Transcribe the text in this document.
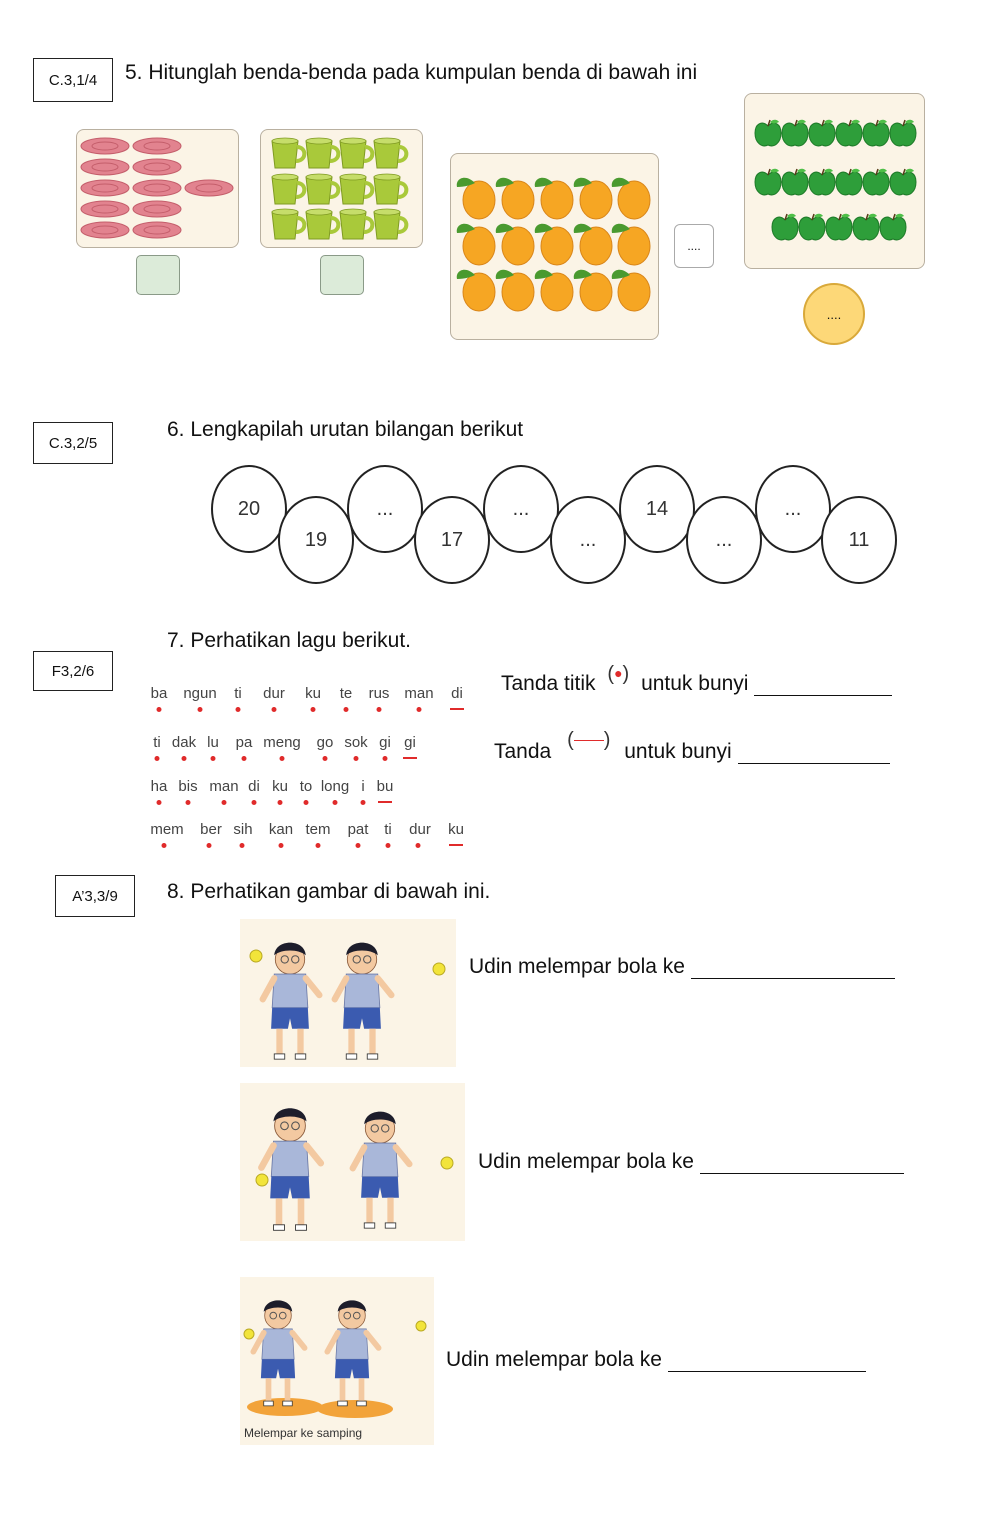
C.3,1/4 5. Hitunglah benda-benda pada kumpulan benda di bawah ini
....
....
C.3,2/5
6. Lengkapilah urutan bilangan berikut
20	...	...	14	...
19	17	...	...	11
7. Perhatikan lagu berikut.
F3,2/6
ba ngun ti dur ku te rus man di
ti dak lu pa meng go sok gi gi
ha bis man di ku to long i bu
mem ber sih kan tem pat ti dur ku
Tanda titik (●) untuk bunyi
Tanda ( ) untuk bunyi
A’3,3/9 8. Perhatikan gambar di bawah ini.
Udin melempar bola ke
Udin melempar bola ke
Melempar ke samping
Udin melempar bola ke
